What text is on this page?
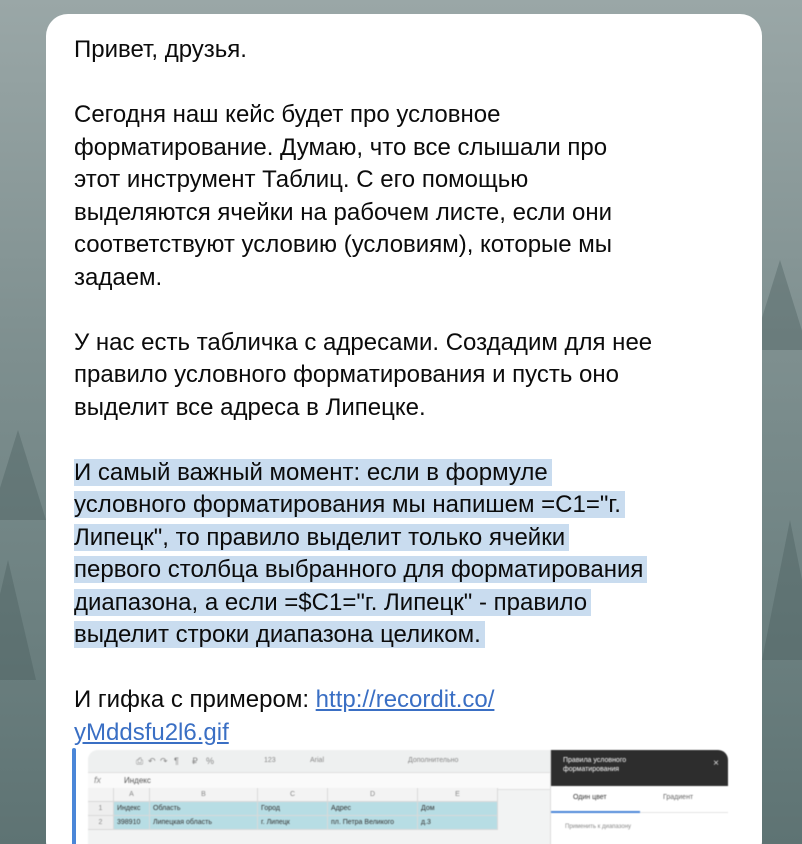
Привет, друзья.

Сегодня наш кейс будет про условное
форматирование. Думаю, что все слышали про
этот инструмент Таблиц. С его помощью
выделяются ячейки на рабочем листе, если они
соответствуют условию (условиям), которые мы
задаем.

У нас есть табличка с адресами. Создадим для нее
правило условного форматирования и пусть оно
выделит все адреса в Липецке.

И самый важный момент: если в формуле
условного форматирования мы напишем =C1="г.
Липецк", то правило выделит только ячейки
первого столбца выбранного для форматирования
диапазона, а если =$C1="г. Липецк" - правило
выделит строки диапазона целиком.

И гифка с примером: http://recordit.co/
yMddsfu2l6.gif

⎙ ↶ ↷ ¶ ₽ %	123	Arial	Дополнительно
fx	Индекс
A	B	C	D	E
1	Индекс	Область	Город	Адрес	Дом
2	398910	Липецкая область	г. Липецк	пл. Петра Великого	д.3
Правила условного форматирования
×
Один цвет	Градиент
Применить к диапазону
